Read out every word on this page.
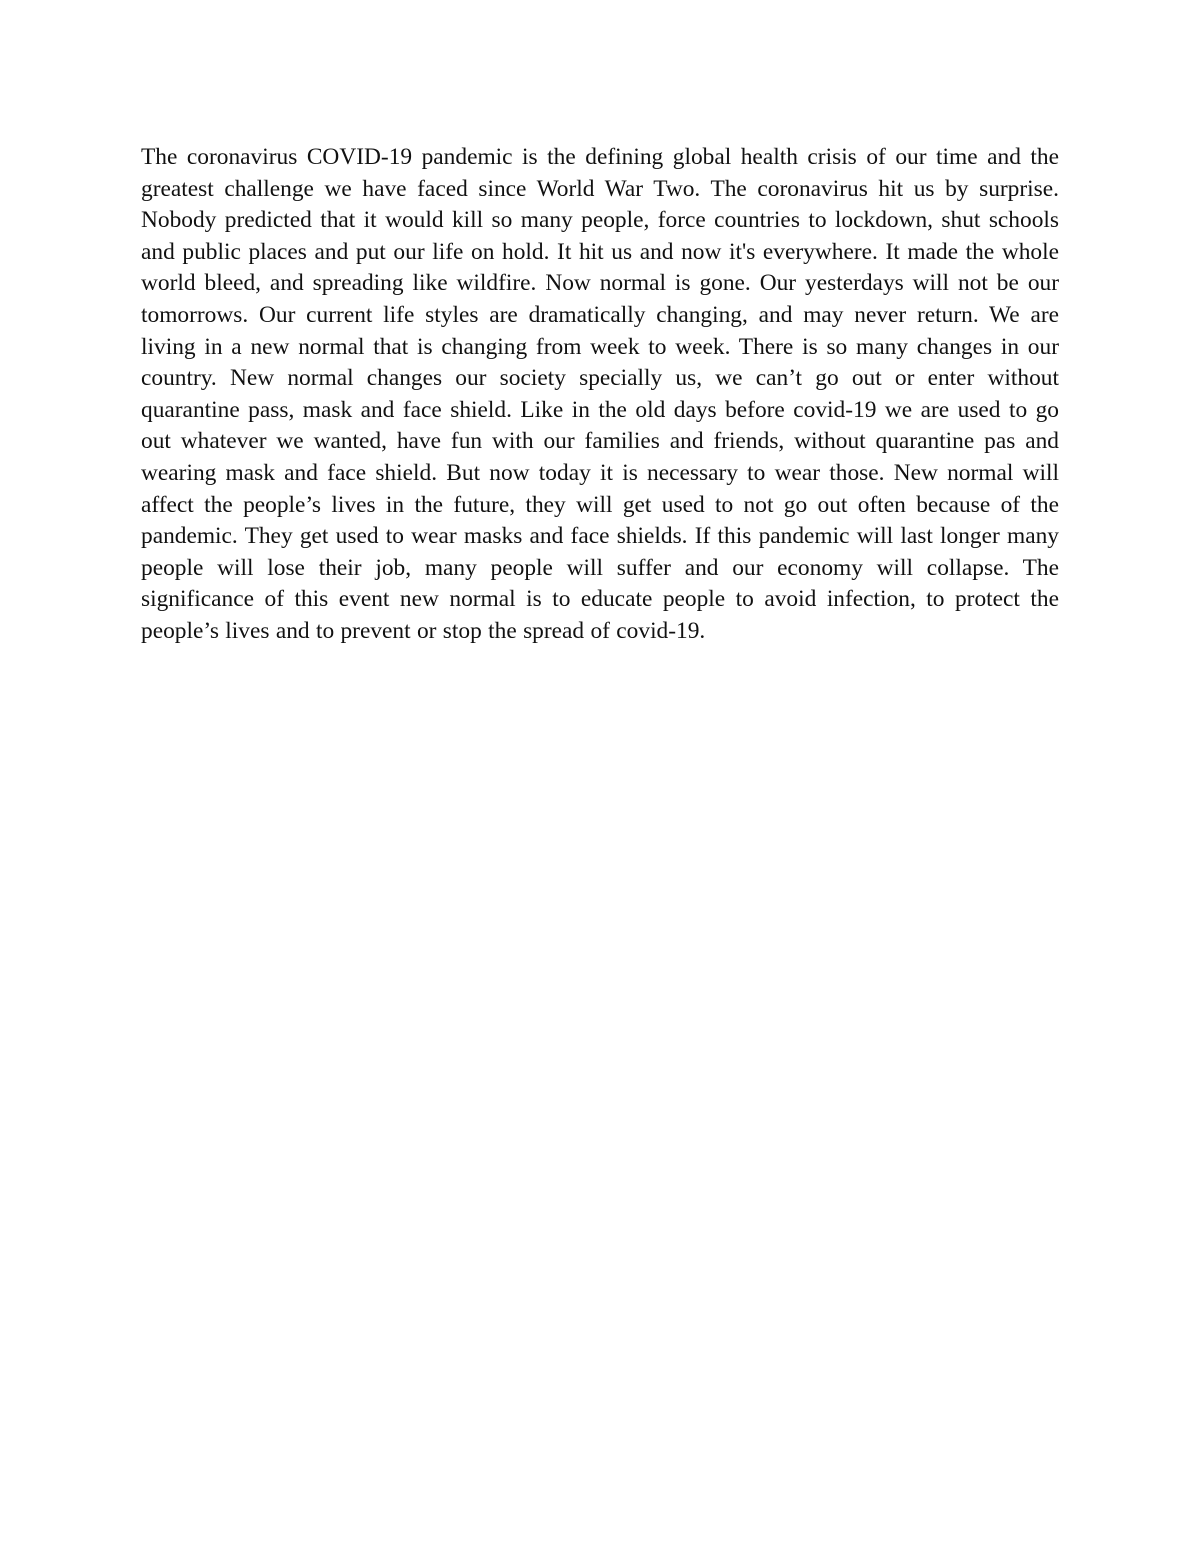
The coronavirus COVID-19 pandemic is the defining global health crisis of our time and the greatest challenge we have faced since World War Two. The coronavirus hit us by surprise. Nobody predicted that it would kill so many people, force countries to lockdown, shut schools and public places and put our life on hold. It hit us and now it's everywhere. It made the whole world bleed, and spreading like wildfire. Now normal is gone. Our yesterdays will not be our tomorrows. Our current life styles are dramatically changing, and may never return. We are living in a new normal that is changing from week to week. There is so many changes in our country. New normal changes our society specially us, we can’t go out or enter without quarantine pass, mask and face shield. Like in the old days before covid-19 we are used to go out whatever we wanted, have fun with our families and friends, without quarantine pas and wearing mask and face shield. But now today it is necessary to wear those. New normal will affect the people’s lives in the future, they will get used to not go out often because of the pandemic. They get used to wear masks and face shields. If this pandemic will last longer many people will lose their job, many people will suffer and our economy will collapse. The significance of this event new normal is to educate people to avoid infection, to protect the people’s lives and to prevent or stop the spread of covid-19.
